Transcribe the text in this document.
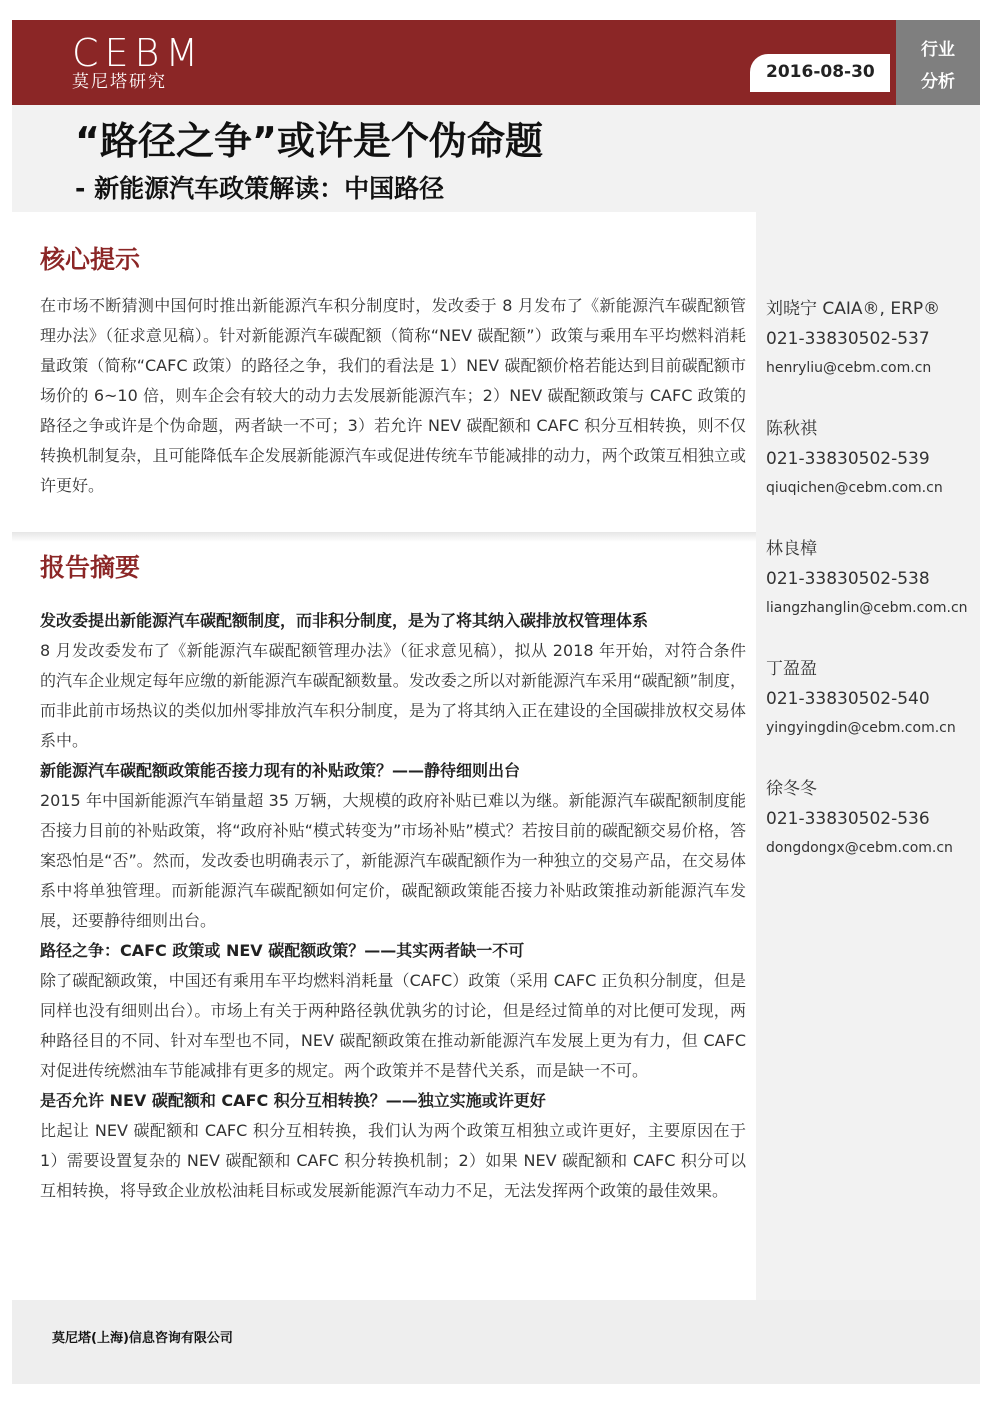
CEBM
莫尼塔研究	2016-08-30
行业
分析
“路径之争”或许是个伪命题
- 新能源汽车政策解读：中国路径
刘晓宁 CAIA®, ERP®
021-33830502-537
henryliu@cebm.com.cn
陈秋祺
021-33830502-539
qiuqichen@cebm.com.cn
林良樟
021-33830502-538
liangzhanglin@cebm.com.cn
丁盈盈
021-33830502-540
yingyingdin@cebm.com.cn
徐冬冬
021-33830502-536
dongdongx@cebm.com.cn
核心提示
在市场不断猜测中国何时推出新能源汽车积分制度时，发改委于 8 月发布了《新能源汽车碳配额管理办法》（征求意见稿）。针对新能源汽车碳配额（简称“NEV 碳配额”）政策与乘用车平均燃料消耗量政策（简称“CAFC 政策）的路径之争，我们的看法是 1）NEV 碳配额价格若能达到目前碳配额市场价的 6~10 倍，则车企会有较大的动力去发展新能源汽车；2）NEV 碳配额政策与 CAFC 政策的路径之争或许是个伪命题，两者缺一不可；3）若允许 NEV 碳配额和 CAFC 积分互相转换，则不仅转换机制复杂，且可能降低车企发展新能源汽车或促进传统车节能减排的动力，两个政策互相独立或许更好。
报告摘要
发改委提出新能源汽车碳配额制度，而非积分制度，是为了将其纳入碳排放权管理体系
8 月发改委发布了《新能源汽车碳配额管理办法》（征求意见稿），拟从 2018 年开始，对符合条件的汽车企业规定每年应缴的新能源汽车碳配额数量。发改委之所以对新能源汽车采用“碳配额”制度，而非此前市场热议的类似加州零排放汽车积分制度，是为了将其纳入正在建设的全国碳排放权交易体系中。
新能源汽车碳配额政策能否接力现有的补贴政策？——静待细则出台
2015 年中国新能源汽车销量超 35 万辆，大规模的政府补贴已难以为继。新能源汽车碳配额制度能否接力目前的补贴政策，将“政府补贴“模式转变为”市场补贴”模式？若按目前的碳配额交易价格，答案恐怕是“否”。然而，发改委也明确表示了，新能源汽车碳配额作为一种独立的交易产品，在交易体系中将单独管理。而新能源汽车碳配额如何定价，碳配额政策能否接力补贴政策推动新能源汽车发展，还要静待细则出台。
路径之争：CAFC 政策或 NEV 碳配额政策？——其实两者缺一不可
除了碳配额政策，中国还有乘用车平均燃料消耗量（CAFC）政策（采用 CAFC 正负积分制度，但是同样也没有细则出台）。市场上有关于两种路径孰优孰劣的讨论，但是经过简单的对比便可发现，两种路径目的不同、针对车型也不同，NEV 碳配额政策在推动新能源汽车发展上更为有力，但 CAFC 对促进传统燃油车节能减排有更多的规定。两个政策并不是替代关系，而是缺一不可。
是否允许 NEV 碳配额和 CAFC 积分互相转换？——独立实施或许更好
比起让 NEV 碳配额和 CAFC 积分互相转换，我们认为两个政策互相独立或许更好，主要原因在于 1）需要设置复杂的 NEV 碳配额和 CAFC 积分转换机制；2）如果 NEV 碳配额和 CAFC 积分可以互相转换，将导致企业放松油耗目标或发展新能源汽车动力不足，无法发挥两个政策的最佳效果。
莫尼塔(上海)信息咨询有限公司
